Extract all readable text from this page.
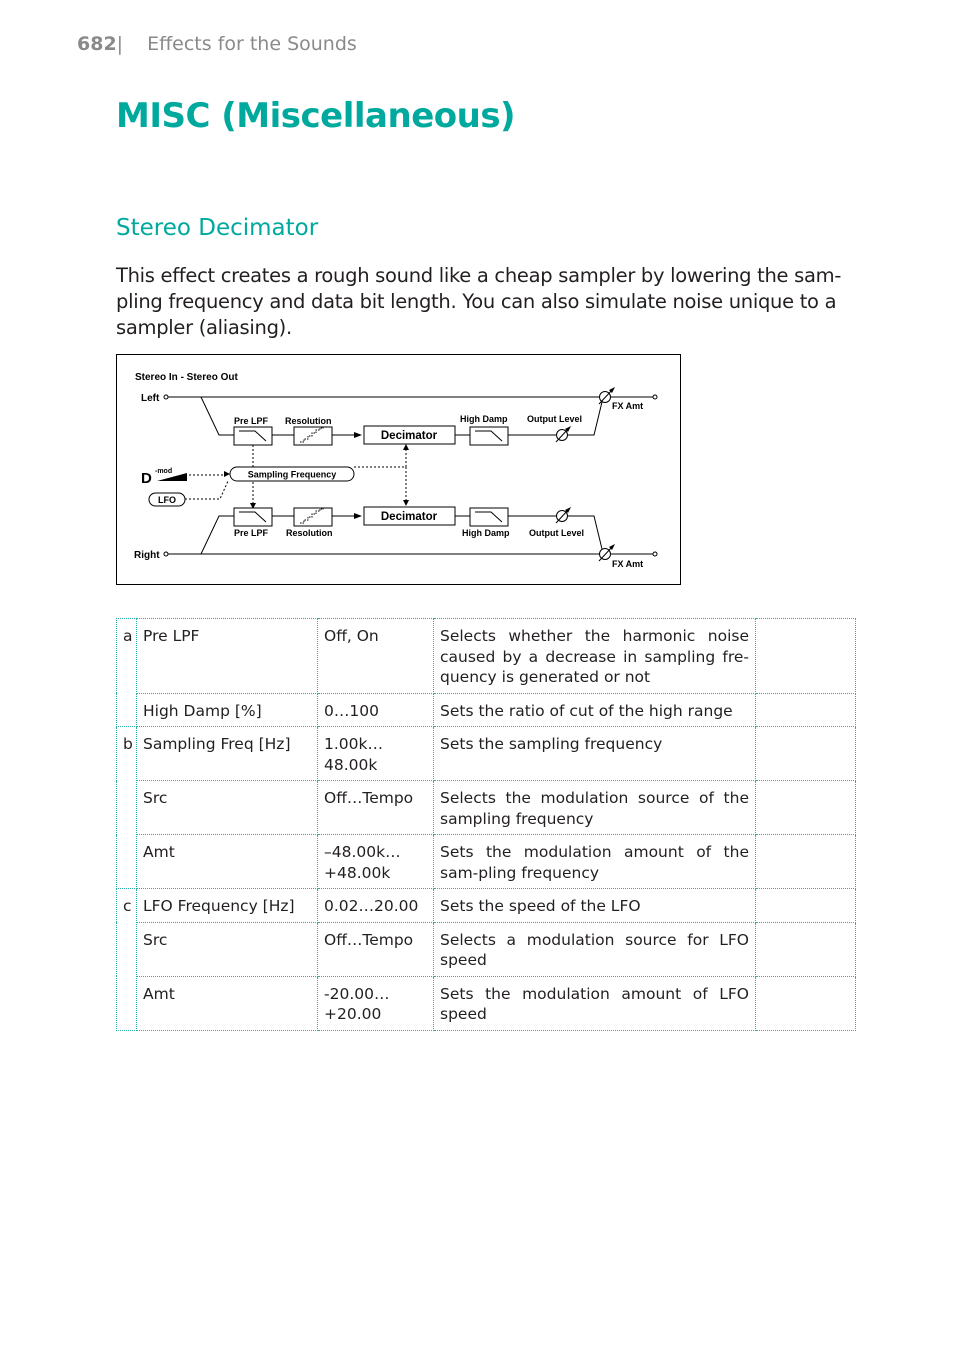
682| Effects for the Sounds
MISC (Miscellaneous)
Stereo Decimator

This effect creates a rough sound like a cheap sampler by lowering the sam-pling frequency and data bit length. You can also simulate noise unique to a sampler (aliasing).

Stereo In - Stereo Out
Left
Pre LPF Resolution
Decimator
High Damp Output Level
FX Amt
Sampling Frequency
D -mod
LFO
Right
Pre LPF Resolution
Decimator
High Damp Output Level
FX Amt
a	Pre LPF	Off, On	Selects whether the harmonic noise caused by a decrease in sampling fre-quency is generated or not	
	High Damp [%]	0…100	Sets the ratio of cut of the high range	
b	Sampling Freq [Hz]	1.00k…48.00k	Sets the sampling frequency	
	Src	Off…Tempo	Selects the modulation source of the sampling frequency	
	Amt	–48.00k…+48.00k	Sets the modulation amount of the sam-pling frequency	
c	LFO Frequency [Hz]	0.02…20.00	Sets the speed of the LFO	
	Src	Off…Tempo	Selects a modulation source for LFO speed	
	Amt	-20.00…+20.00	Sets the modulation amount of LFO speed	
